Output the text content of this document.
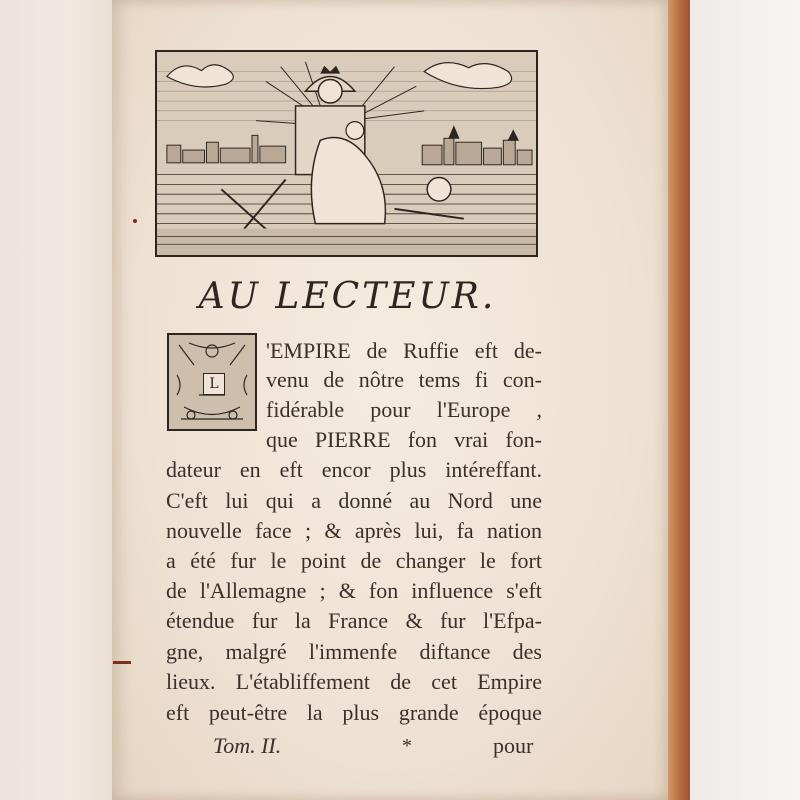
AU LECTEUR.
L
'EMPIRE de Ruffie eft de-
venu de nôtre tems fi con-
fidérable pour l'Europe ,
que PIERRE fon vrai fon-
dateur en eft encor plus intéreffant.
C'eft lui qui a donné au Nord une
nouvelle face ; & après lui, fa nation
a été fur le point de changer le fort
de l'Allemagne ; & fon influence s'eft
étendue fur la France & fur l'Efpa-
gne, malgré l'immenfe diftance des
lieux. L'établiffement de cet Empire
eft peut-être la plus grande époque
Tom. II.	*	pour
